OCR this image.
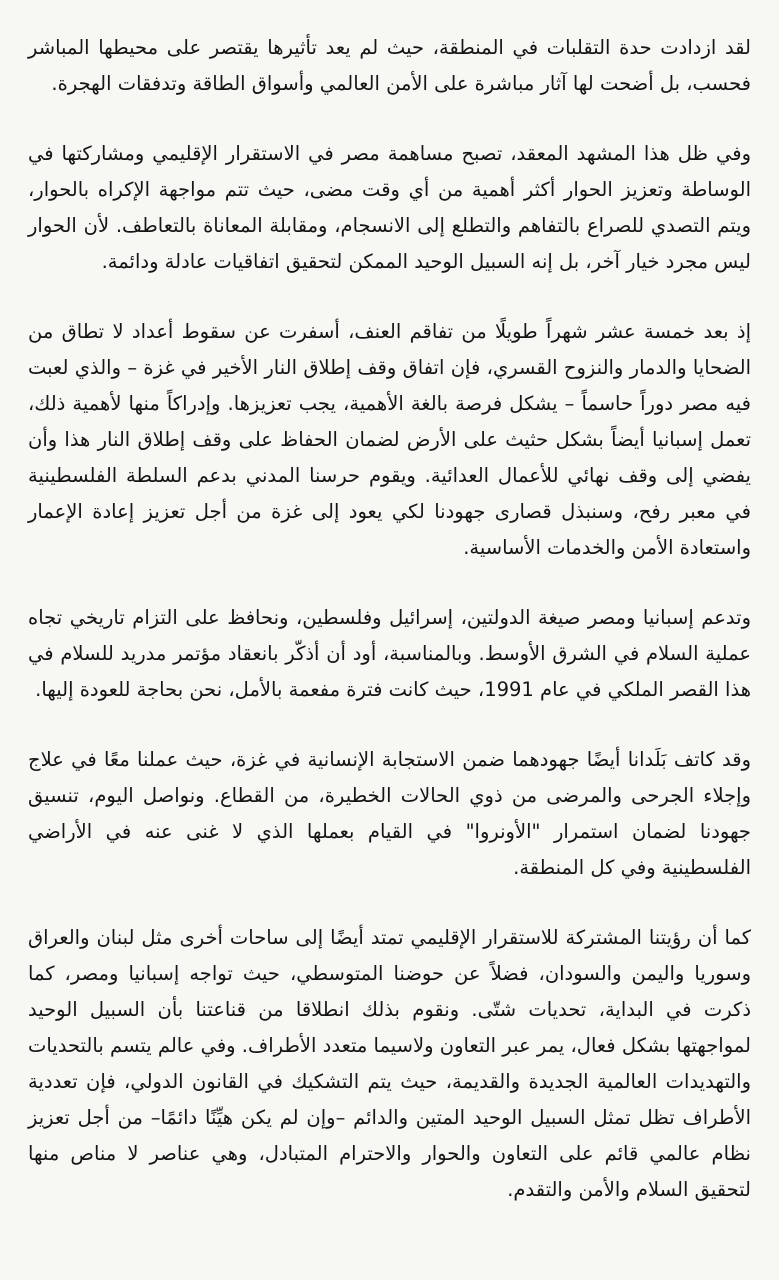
لقد ازدادت حدة التقلبات في المنطقة، حيث لم يعد تأثيرها يقتصر على محيطها المباشر فحسب، بل أضحت لها آثار مباشرة على الأمن العالمي وأسواق الطاقة وتدفقات الهجرة.

وفي ظل هذا المشهد المعقد، تصبح مساهمة مصر في الاستقرار الإقليمي ومشاركتها في الوساطة وتعزيز الحوار أكثر أهمية من أي وقت مضى، حيث تتم مواجهة الإكراه بالحوار، ويتم التصدي للصراع بالتفاهم والتطلع إلى الانسجام، ومقابلة المعاناة بالتعاطف. لأن الحوار ليس مجرد خيار آخر، بل إنه السبيل الوحيد الممكن لتحقيق اتفاقيات عادلة ودائمة.

إذ بعد خمسة عشر شهراً طويلًا من تفاقم العنف، أسفرت عن سقوط أعداد لا تطاق من الضحايا والدمار والنزوح القسري، فإن اتفاق وقف إطلاق النار الأخير في غزة – والذي لعبت فيه مصر دوراً حاسماً – يشكل فرصة بالغة الأهمية، يجب تعزيزها. وإدراكاً منها لأهمية ذلك، تعمل إسبانيا أيضاً بشكل حثيث على الأرض لضمان الحفاظ على وقف إطلاق النار هذا وأن يفضي إلى وقف نهائي للأعمال العدائية. ويقوم حرسنا المدني بدعم السلطة الفلسطينية في معبر رفح، وسنبذل قصارى جهودنا لكي يعود إلى غزة من أجل تعزيز إعادة الإعمار واستعادة الأمن والخدمات الأساسية.

وتدعم إسبانيا ومصر صيغة الدولتين، إسرائيل وفلسطين، ونحافظ على التزام تاريخي تجاه عملية السلام في الشرق الأوسط. وبالمناسبة، أود أن أذكّر بانعقاد مؤتمر مدريد للسلام في هذا القصر الملكي في عام 1991، حيث كانت فترة مفعمة بالأمل، نحن بحاجة للعودة إليها.

وقد كاتف بَلَدانا أيضًا جهودهما ضمن الاستجابة الإنسانية في غزة، حيث عملنا معًا في علاج وإجلاء الجرحى والمرضى من ذوي الحالات الخطيرة، من القطاع. ونواصل اليوم، تنسيق جهودنا لضمان استمرار "الأونروا" في القيام بعملها الذي لا غنى عنه في الأراضي الفلسطينية وفي كل المنطقة.

كما أن رؤيتنا المشتركة للاستقرار الإقليمي تمتد أيضًا إلى ساحات أخرى مثل لبنان والعراق وسوريا واليمن والسودان، فضلاً عن حوضنا المتوسطي، حيث تواجه إسبانيا ومصر، كما ذكرت في البداية، تحديات شتّى. ونقوم بذلك انطلاقا من قناعتنا بأن السبيل الوحيد لمواجهتها بشكل فعال، يمر عبر التعاون ولاسيما متعدد الأطراف. وفي عالم يتسم بالتحديات والتهديدات العالمية الجديدة والقديمة، حيث يتم التشكيك في القانون الدولي، فإن تعددية الأطراف تظل تمثل السبيل الوحيد المتين والدائم –وإن لم يكن هيِّنًا دائمًا– من أجل تعزيز نظام عالمي قائم على التعاون والحوار والاحترام المتبادل، وهي عناصر لا مناص منها لتحقيق السلام والأمن والتقدم.
